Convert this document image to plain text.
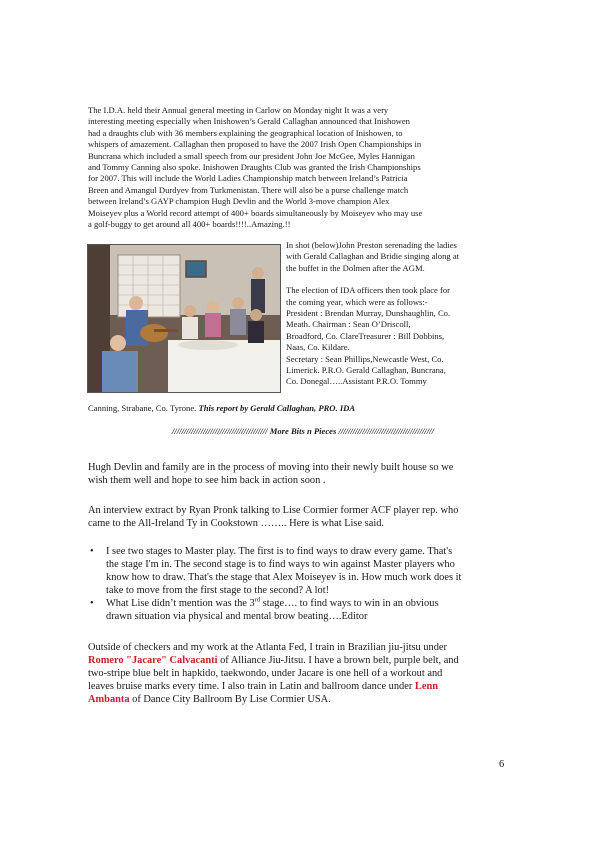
The I.D.A. held their Annual general meeting in Carlow on Monday night It was a very
interesting meeting especially when Inishowen’s Gerald Callaghan announced that Inishowen
had a draughts club with 36 members explaining the geographical location of Inishowen, to
whispers of amazement. Callaghan then proposed to have the 2007 Irish Open Championships in
Buncrana which included a small speech from our president John Joe McGee, Myles Hannigan
and Tommy Canning also spoke. Inishowen Draughts Club was granted the Irish Championships
for 2007. This will include the World Ladies Championship match between Ireland’s Patricia
Breen and Amangul Durdyev from Turkmenistan. There will also be a purse challenge match
between Ireland’s GAYP champion Hugh Devlin and the World 3-move champion Alex
Moiseyev plus a World record attempt of 400+ boards simultaneously by Moiseyev who may use
a golf-buggy to get around all 400+ boards!!!!..Amazing.!!
In shot (below)John Preston serenading the ladies
with Gerald Callaghan and Bridie singing along at
the buffet in the Dolmen after the AGM.
The election of IDA officers then took place for
the coming year, which were as follows:-
President : Brendan Murray, Dunshaughlin, Co.
Meath. Chairman : Sean O’Driscoll,
Broadford, Co. ClareTreasurer : Bill Dobbins,
Naas, Co. Kildare.
Secretary : Sean Phillips,Newcastle West, Co.
Limerick. P.R.O. Gerald Callaghan, Buncrana,
Co. Donegal…..Assistant P.R.O. Tommy
Canning, Strabane, Co. Tyrone. This report by Gerald Callaghan, PRO. IDA
//////////////////////////////////////// More Bits n Pieces ////////////////////////////////////////
Hugh Devlin and family are in the process of moving into their newly built house so we
wish them well and hope to see him back in action soon .
An interview extract by Ryan Pronk talking to Lise Cormier former ACF player rep. who
came to the All-Ireland Ty in Cookstown …….. Here is what Lise said.
• I see two stages to Master play. The first is to find ways to draw every game. That's
the stage I'm in. The second stage is to find ways to win against Master players who
know how to draw. That's the stage that Alex Moiseyev is in. How much work does it
take to move from the first stage to the second? A lot!
• What Lise didn’t mention was the 3rd stage…. to find ways to win in an obvious
drawn situation via physical and mental brow beating….Editor
Outside of checkers and my work at the Atlanta Fed, I train in Brazilian jiu-jitsu under
Romero "Jacare" Calvacanti of Alliance Jiu-Jitsu. I have a brown belt, purple belt, and
two-stripe blue belt in hapkido, taekwondo, under Jacare is one hell of a workout and
leaves bruise marks every time. I also train in Latin and ballroom dance under Lenn
Ambanta of Dance City Ballroom By Lise Cormier USA.
6
